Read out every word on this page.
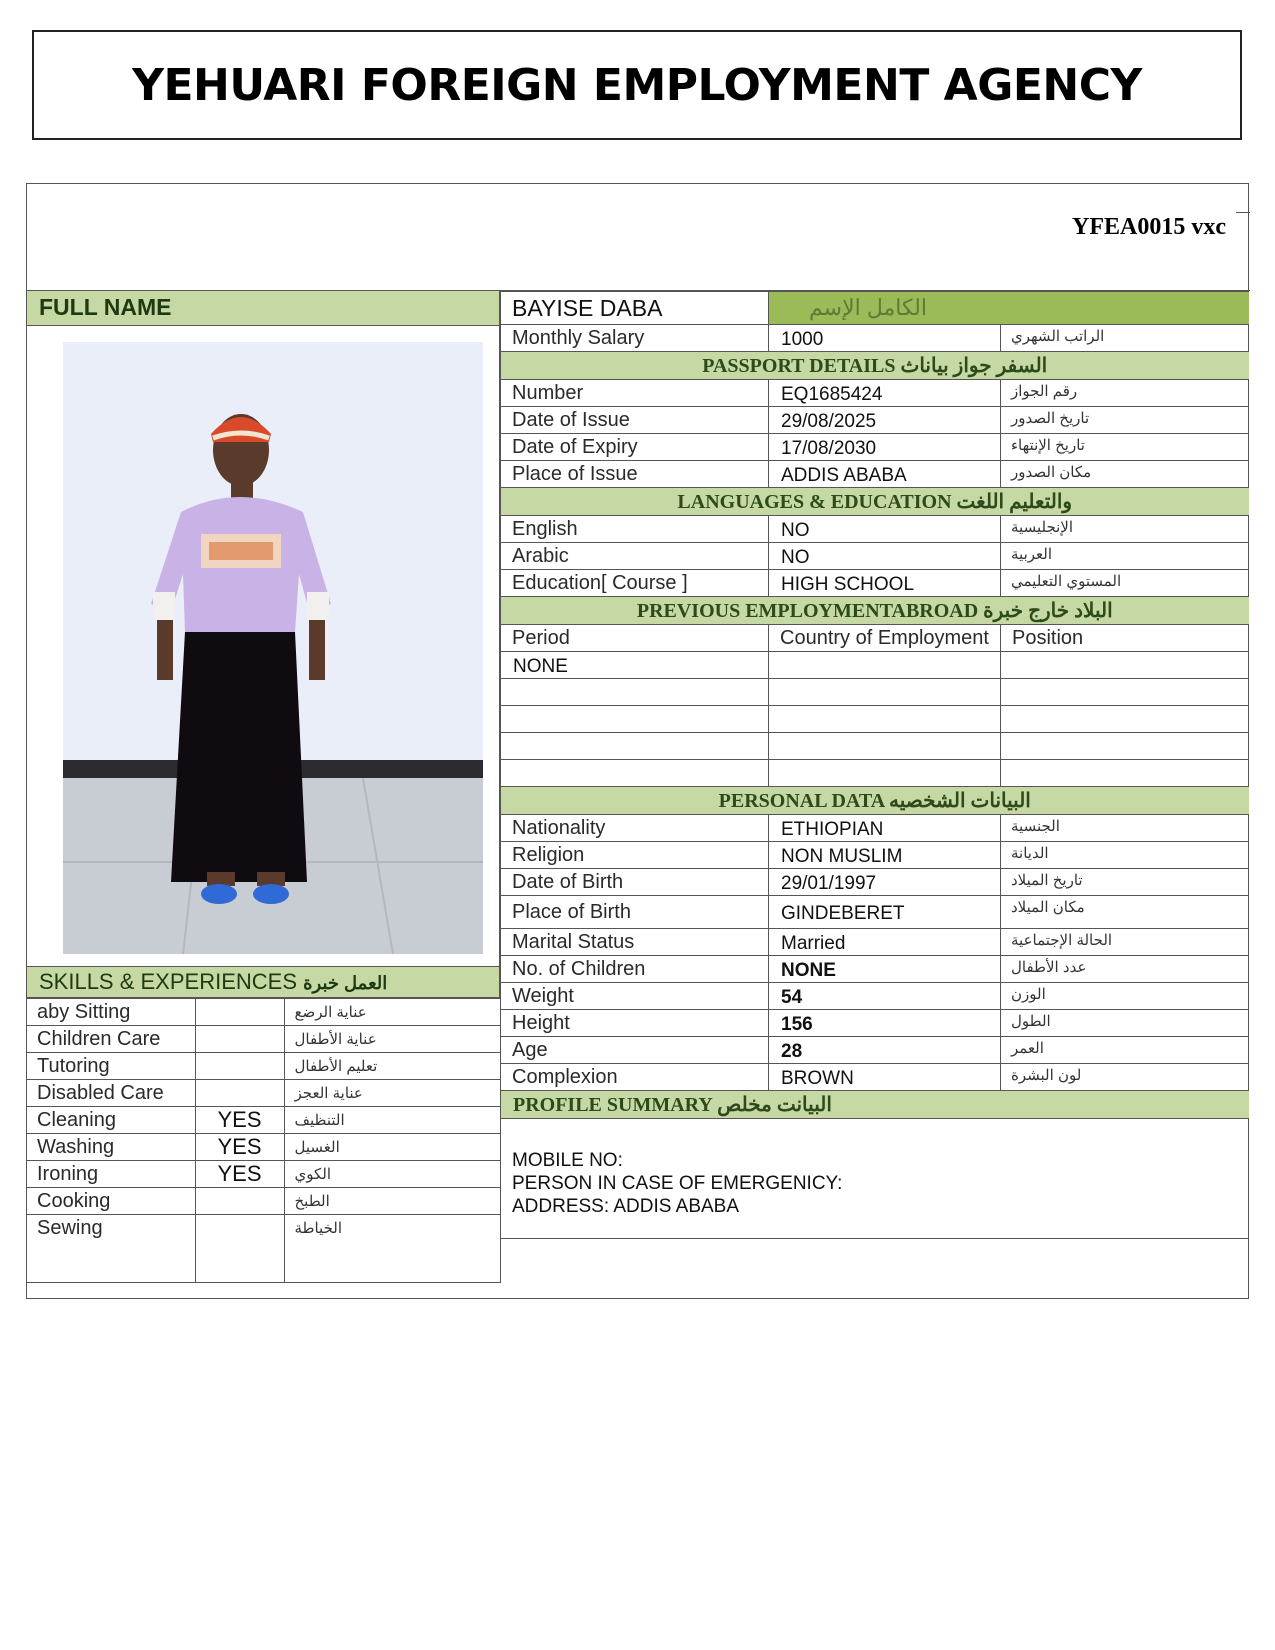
YEHUARI FOREIGN EMPLOYMENT AGENCY
YFEA0015 vxc
FULL NAME
SKILLS & EXPERIENCES العمل خبرة
aby Sitting		عناية الرضع
Children Care		عناية الأطفال
Tutoring		تعليم الأطفال
Disabled Care		عناية العجز
Cleaning	YES	التنظيف
Washing	YES	الغسيل
Ironing	YES	الكوي
Cooking		الطبخ
Sewing		الخياطة
BAYISE DABA	الكامل الإسم	
Monthly Salary	1000	الراتب الشهري
PASSPORT DETAILS السفر جواز بياناث		
Number	EQ1685424	رقم الجواز
Date of Issue	29/08/2025	تاريخ الصدور
Date of Expiry	17/08/2030	تاريخ الإنتهاء
Place of Issue	ADDIS ABABA	مكان الصدور
LANGUAGES & EDUCATION والتعليم اللغت		
English	NO	الإنجليسية
Arabic	NO	العربية
Education[ Course ]	HIGH SCHOOL	المستوي التعليمي
PREVIOUS EMPLOYMENTABROAD البلاد خارج خبرة		
Period	Country of Employment	Position
NONE		

PERSONAL DATA البيانات الشخصيه		
Nationality	ETHIOPIAN	الجنسية
Religion	NON MUSLIM	الديانة
Date of Birth	29/01/1997	تاريخ الميلاد
Place of Birth	GINDEBERET	مكان الميلاد
Marital Status	Married	الحالة الإجتماعية
No. of Children	NONE	عدد الأطفال
Weight	54	الوزن
Height	156	الطول
Age	28	العمر
Complexion	BROWN	لون البشرة
PROFILE SUMMARY البيانت مخلص		

MOBILE NO:
PERSON IN CASE OF EMERGENICY:
ADDRESS: ADDIS ABABA		
